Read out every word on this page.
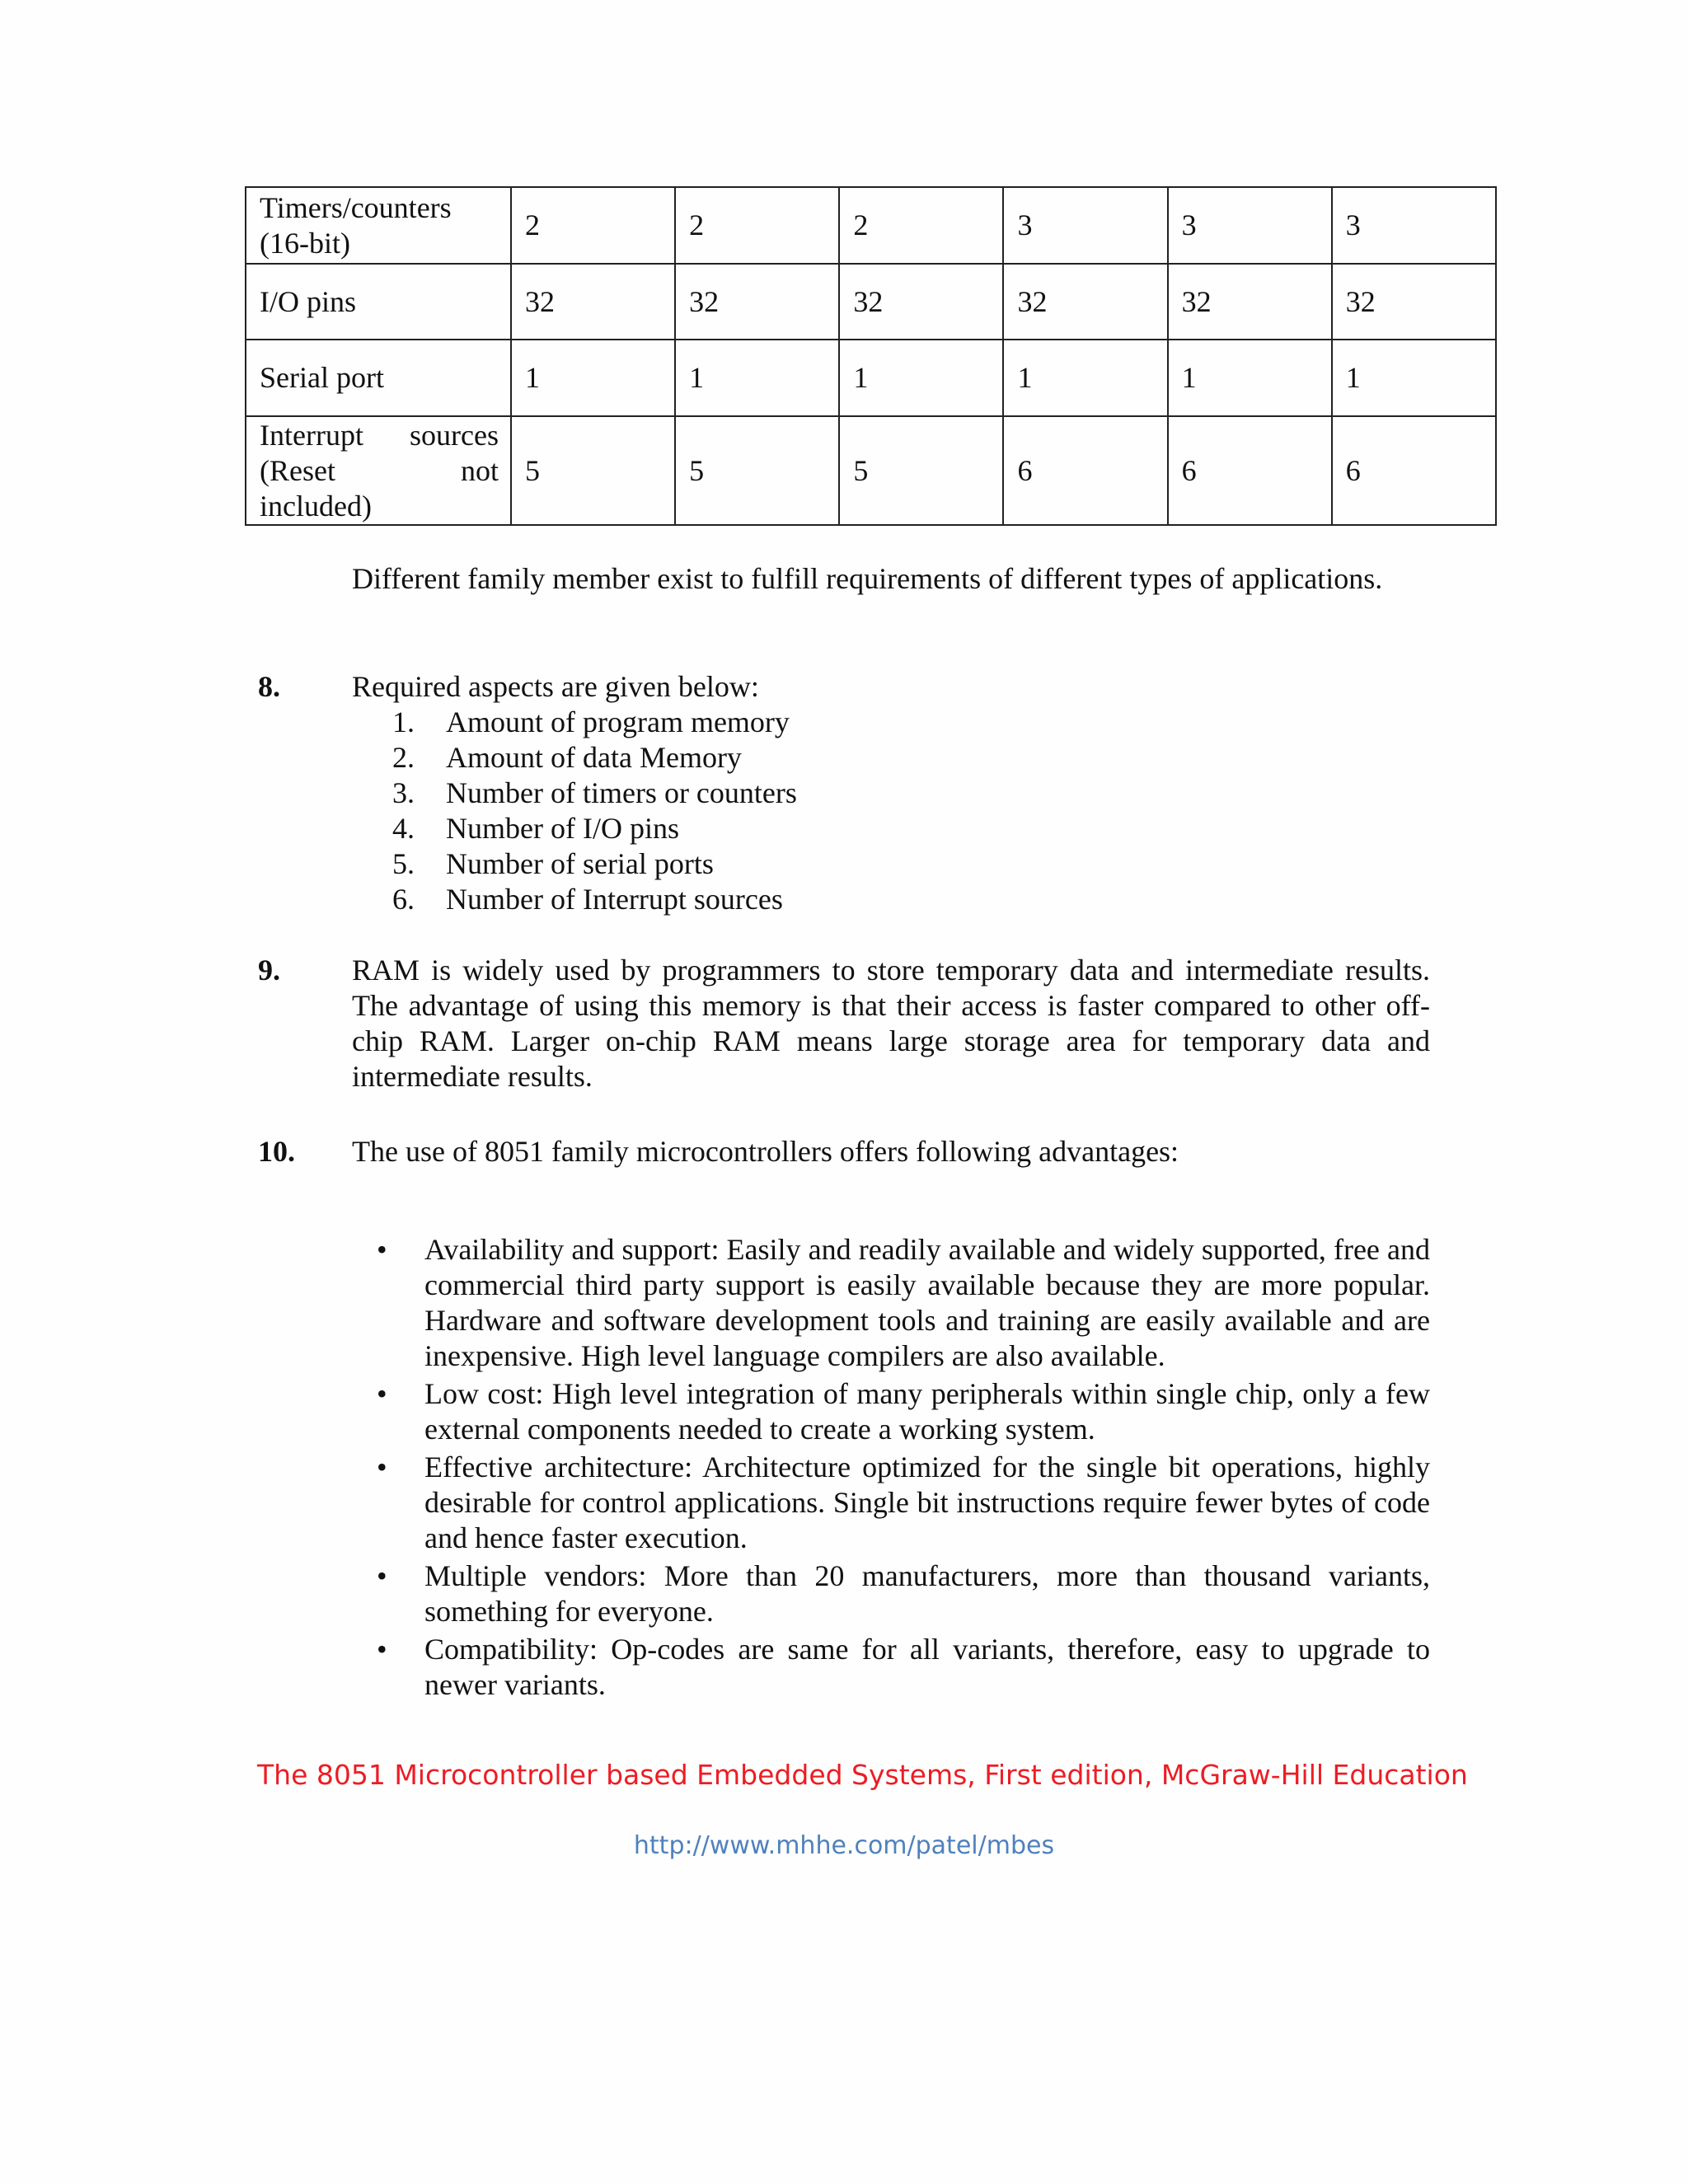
Timers/counters (16-bit)	2	2	2	3	3	3
I/O pins	32	32	32	32	32	32
Serial port	1	1	1	1	1	1
Interrupt sources (Reset not included)	5	5	5	6	6	6

Different family member exist to fulfill requirements of different types of applications.

8. Required aspects are given below:

1. Amount of program memory
2. Amount of data Memory
3. Number of timers or counters
4. Number of I/O pins
5. Number of serial ports
6. Number of Interrupt sources
9. RAM is widely used by programmers to store temporary data and intermediate results. The advantage of using this memory is that their access is faster compared to other off-chip RAM. Larger on-chip RAM means large storage area for temporary data and intermediate results.

10. The use of 8051 family microcontrollers offers following advantages:

• Availability and support: Easily and readily available and widely supported, free and commercial third party support is easily available because they are more popular. Hardware and software development tools and training are easily available and are inexpensive. High level language compilers are also available.
• Low cost: High level integration of many peripherals within single chip, only a few external components needed to create a working system.
• Effective architecture: Architecture optimized for the single bit operations, highly desirable for control applications. Single bit instructions require fewer bytes of code and hence faster execution.
• Multiple vendors: More than 20 manufacturers, more than thousand variants, something for everyone.
• Compatibility: Op-codes are same for all variants, therefore, easy to upgrade to newer variants.
The 8051 Microcontroller based Embedded Systems, First edition, McGraw-Hill Education
http://www.mhhe.com/patel/mbes
